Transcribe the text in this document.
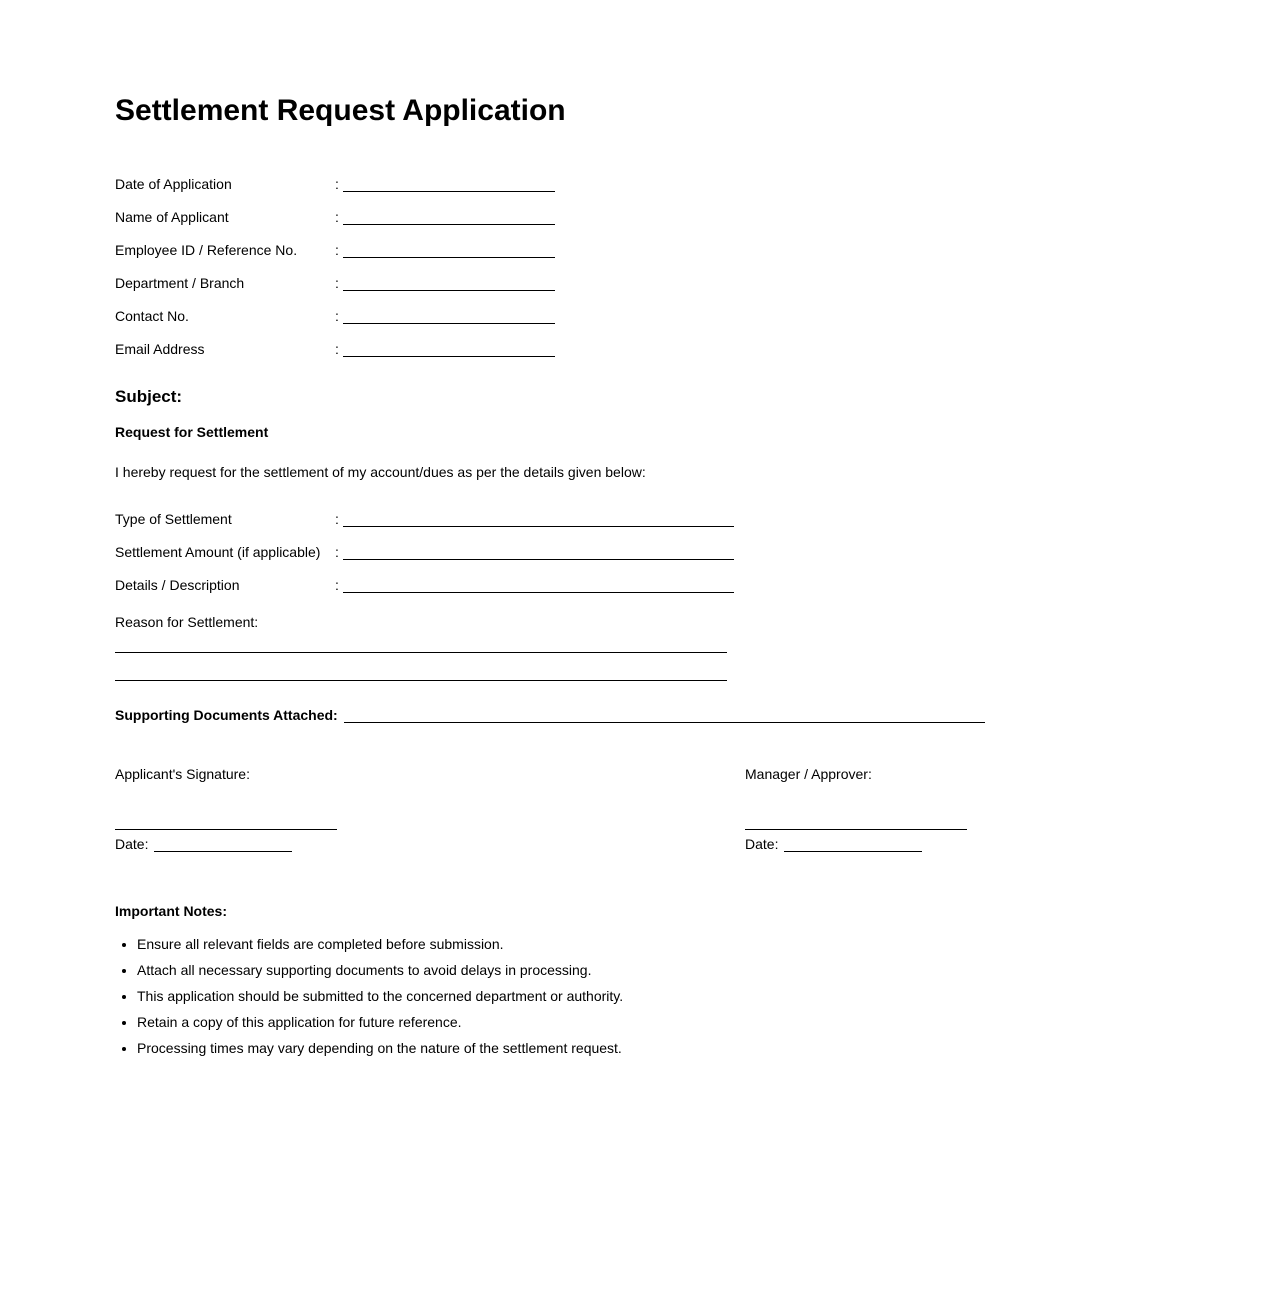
Settlement Request Application
Date of Application	:
Name of Applicant	:
Employee ID / Reference No.	:
Department / Branch	:
Contact No.	:
Email Address	:
Subject:
Request for Settlement
I hereby request for the settlement of my account/dues as per the details given below:
Type of Settlement	:
Settlement Amount (if applicable)	:
Details / Description	:
Reason for Settlement:
Supporting Documents Attached:
Applicant's Signature:
Date:
Manager / Approver:
Date:
Important Notes:
• Ensure all relevant fields are completed before submission.
• Attach all necessary supporting documents to avoid delays in processing.
• This application should be submitted to the concerned department or authority.
• Retain a copy of this application for future reference.
• Processing times may vary depending on the nature of the settlement request.
